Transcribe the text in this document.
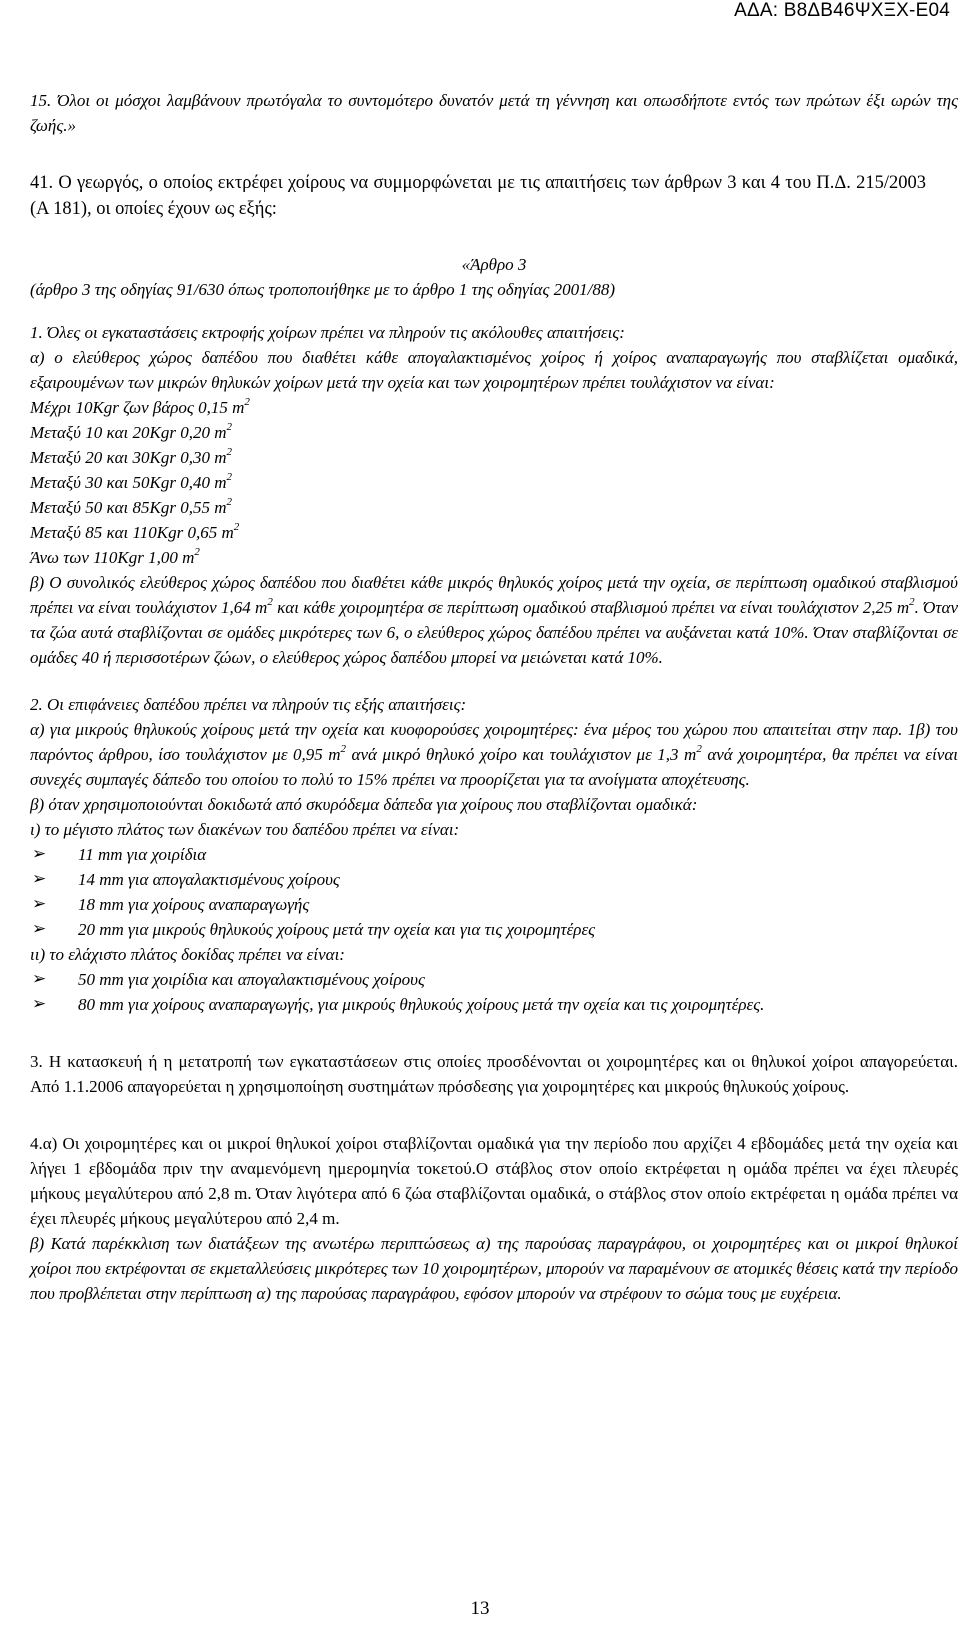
ΑΔΑ: Β8ΔΒ46ΨΧΞΧ-Ε04

15. Όλοι οι μόσχοι λαμβάνουν πρωτόγαλα το συντομότερο δυνατόν μετά τη γέννηση και οπωσδήποτε εντός των πρώτων έξι ωρών της ζωής.»

41. Ο γεωργός, ο οποίος εκτρέφει χοίρους να συμμορφώνεται με τις απαιτήσεις των άρθρων 3 και 4 του Π.Δ. 215/2003 (Α 181), οι οποίες έχουν ως εξής:

«Άρθρο 3

(άρθρο 3 της οδηγίας 91/630 όπως τροποποιήθηκε με το άρθρο 1 της οδηγίας 2001/88)

1. Όλες οι εγκαταστάσεις εκτροφής χοίρων πρέπει να πληρούν τις ακόλουθες απαιτήσεις:

α) ο ελεύθερος χώρος δαπέδου που διαθέτει κάθε απογαλακτισμένος χοίρος ή χοίρος αναπαραγωγής που σταβλίζεται ομαδικά, εξαιρουμένων των μικρών θηλυκών χοίρων μετά την οχεία και των χοιρομητέρων πρέπει τουλάχιστον να είναι:

Μέχρι 10Kgr ζων βάρος 0,15 $m^2$

Μεταξύ 10 και 20Kgr 0,20 $m^2$

Μεταξύ 20 και 30Kgr 0,30 $m^2$

Μεταξύ 30 και 50Kgr 0,40 $m^2$

Μεταξύ 50 και 85Kgr 0,55 $m^2$

Μεταξύ 85 και 110Kgr 0,65 $m^2$

Άνω των 110Kgr 1,00 $m^2$

β) Ο συνολικός ελεύθερος χώρος δαπέδου που διαθέτει κάθε μικρός θηλυκός χοίρος μετά την οχεία, σε περίπτωση ομαδικού σταβλισμού πρέπει να είναι τουλάχιστον 1,64 $m^2$ και κάθε χοιρομητέρα σε περίπτωση ομαδικού σταβλισμού πρέπει να είναι τουλάχιστον 2,25 $m^2$. Όταν τα ζώα αυτά σταβλίζονται σε ομάδες μικρότερες των 6, ο ελεύθερος χώρος δαπέδου πρέπει να αυξάνεται κατά 10%. Όταν σταβλίζονται σε ομάδες 40 ή περισσοτέρων ζώων, ο ελεύθερος χώρος δαπέδου μπορεί να μειώνεται κατά 10%.

2. Οι επιφάνειες δαπέδου πρέπει να πληρούν τις εξής απαιτήσεις:

α) για μικρούς θηλυκούς χοίρους μετά την οχεία και κυοφορούσες χοιρομητέρες: ένα μέρος του χώρου που απαιτείται στην παρ. 1β) του παρόντος άρθρου, ίσο τουλάχιστον με 0,95 $m^2$ ανά μικρό θηλυκό χοίρο και τουλάχιστον με 1,3 $m^2$ ανά χοιρομητέρα, θα πρέπει να είναι συνεχές συμπαγές δάπεδο του οποίου το πολύ το 15% πρέπει να προορίζεται για τα ανοίγματα αποχέτευσης.

β) όταν χρησιμοποιούνται δοκιδωτά από σκυρόδεμα δάπεδα για χοίρους που σταβλίζονται ομαδικά:

ι) το μέγιστο πλάτος των διακένων του δαπέδου πρέπει να είναι:

➢ 11 mm για χοιρίδια

➢ 14 mm για απογαλακτισμένους χοίρους

➢ 18 mm για χοίρους αναπαραγωγής

➢ 20 mm για μικρούς θηλυκούς χοίρους μετά την οχεία και για τις χοιρομητέρες

ιι) το ελάχιστο πλάτος δοκίδας πρέπει να είναι:

➢ 50 mm για χοιρίδια και απογαλακτισμένους χοίρους

➢ 80 mm για χοίρους αναπαραγωγής, για μικρούς θηλυκούς χοίρους μετά την οχεία και τις χοιρομητέρες.

3. Η κατασκευή ή η μετατροπή των εγκαταστάσεων στις οποίες προσδένονται οι χοιρομητέρες και οι θηλυκοί χοίροι απαγορεύεται. Από 1.1.2006 απαγορεύεται η χρησιμοποίηση συστημάτων πρόσδεσης για χοιρομητέρες και μικρούς θηλυκούς χοίρους.

4.α) Οι χοιρομητέρες και οι μικροί θηλυκοί χοίροι σταβλίζονται ομαδικά για την περίοδο που αρχίζει 4 εβδομάδες μετά την οχεία και λήγει 1 εβδομάδα πριν την αναμενόμενη ημερομηνία τοκετού.Ο στάβλος στον οποίο εκτρέφεται η ομάδα πρέπει να έχει πλευρές μήκους μεγαλύτερου από 2,8 m. Όταν λιγότερα από 6 ζώα σταβλίζονται ομαδικά, ο στάβλος στον οποίο εκτρέφεται η ομάδα πρέπει να έχει πλευρές μήκους μεγαλύτερου από 2,4 m.

β) Κατά παρέκκλιση των διατάξεων της ανωτέρω περιπτώσεως α) της παρούσας παραγράφου, οι χοιρομητέρες και οι μικροί θηλυκοί χοίροι που εκτρέφονται σε εκμεταλλεύσεις μικρότερες των 10 χοιρομητέρων, μπορούν να παραμένουν σε ατομικές θέσεις κατά την περίοδο που προβλέπεται στην περίπτωση α) της παρούσας παραγράφου, εφόσον μπορούν να στρέφουν το σώμα τους με ευχέρεια.

13
